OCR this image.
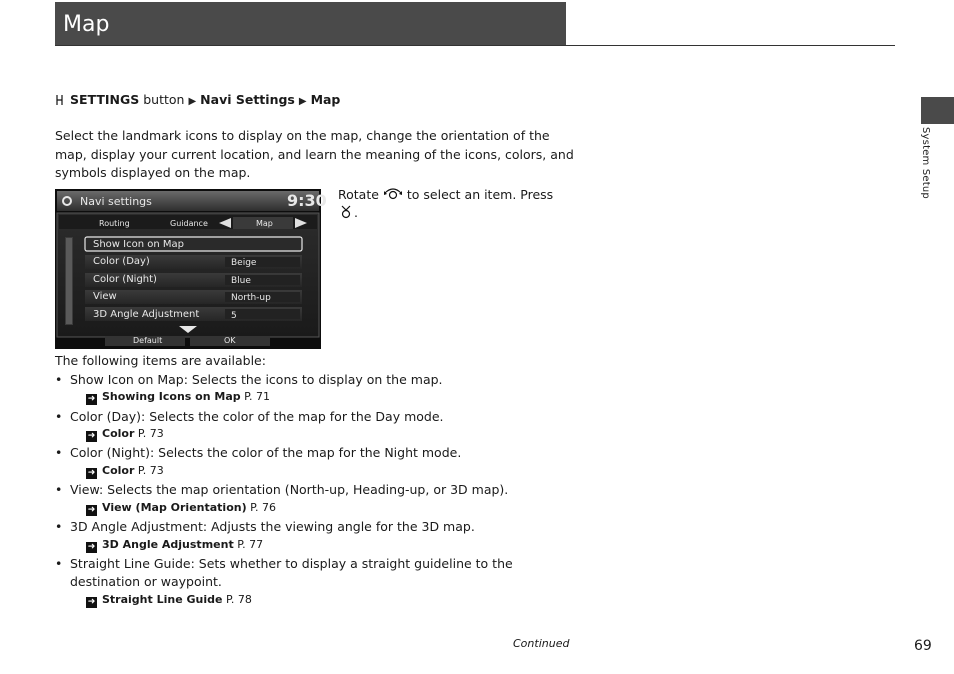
Map
System Setup
SETTINGS button ▶ Navi Settings ▶ Map
Select the landmark icons to display on the map, change the orientation of the map, display your current location, and learn the meaning of the icons, colors, and symbols displayed on the map.
Navi settings	9:30
Routing	Guidance	Map
Show Icon on Map
Color (Day)	Beige
Color (Night)	Blue
View	North-up
3D Angle Adjustment	5
Default	OK
Rotate  to select an item. Press
.
The following items are available:
• Show Icon on Map: Selects the icons to display on the map.
➜ Showing Icons on Map P. 71
• Color (Day): Selects the color of the map for the Day mode.
➜ Color P. 73
• Color (Night): Selects the color of the map for the Night mode.
➜ Color P. 73
• View: Selects the map orientation (North-up, Heading-up, or 3D map).
➜ View (Map Orientation) P. 76
• 3D Angle Adjustment: Adjusts the viewing angle for the 3D map.
➜ 3D Angle Adjustment P. 77
• Straight Line Guide: Sets whether to display a straight guideline to the destination or waypoint.
➜ Straight Line Guide P. 78
Continued	69
